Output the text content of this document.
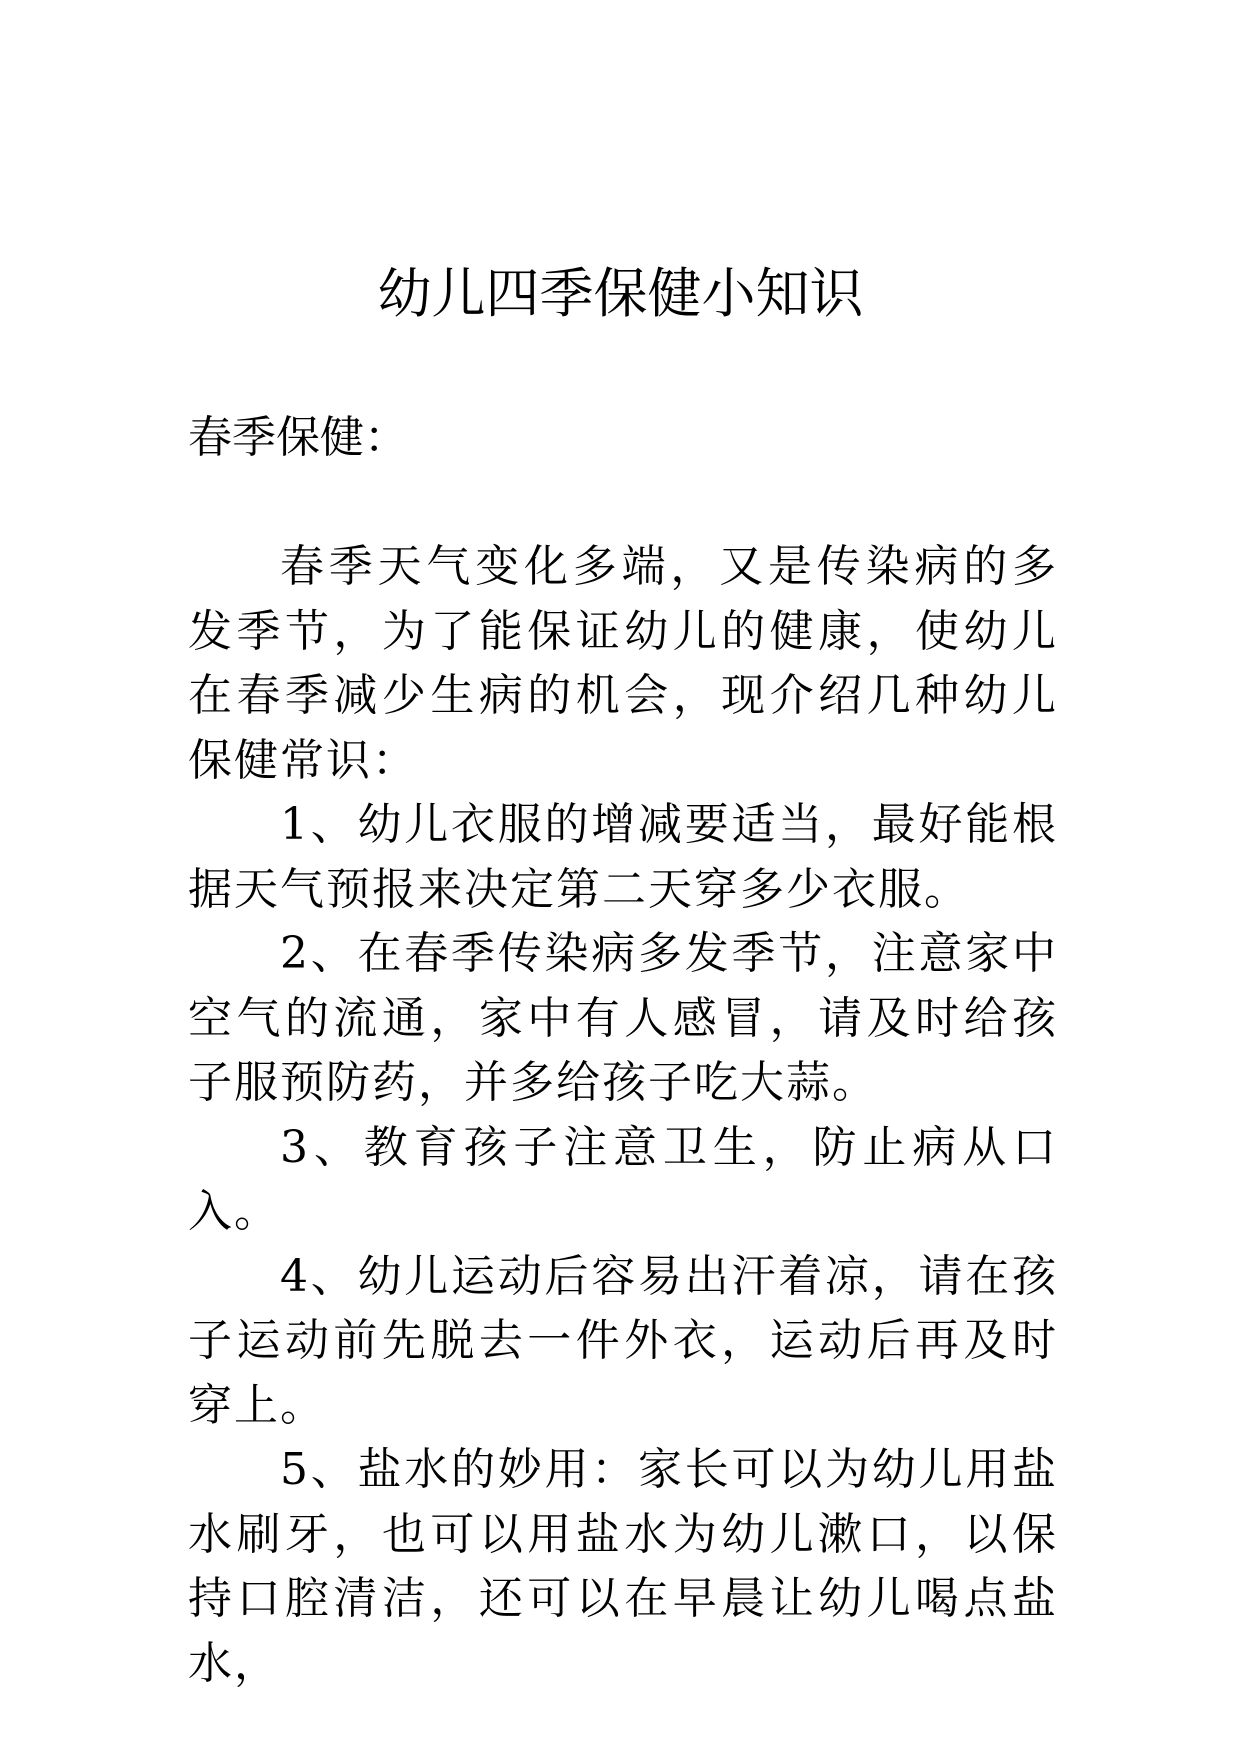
幼儿四季保健小知识
春季保健：

春季天气变化多端，又是传染病的多发季节，为了能保证幼儿的健康，使幼儿在春季减少生病的机会，现介绍几种幼儿保健常识：

1、幼儿衣服的增减要适当，最好能根据天气预报来决定第二天穿多少衣服。

2、在春季传染病多发季节，注意家中空气的流通，家中有人感冒，请及时给孩子服预防药，并多给孩子吃大蒜。

3、教育孩子注意卫生，防止病从口入。

4、幼儿运动后容易出汗着凉，请在孩子运动前先脱去一件外衣，运动后再及时穿上。

5、盐水的妙用：家长可以为幼儿用盐水刷牙，也可以用盐水为幼儿漱口，以保持口腔清洁，还可以在早晨让幼儿喝点盐水，
